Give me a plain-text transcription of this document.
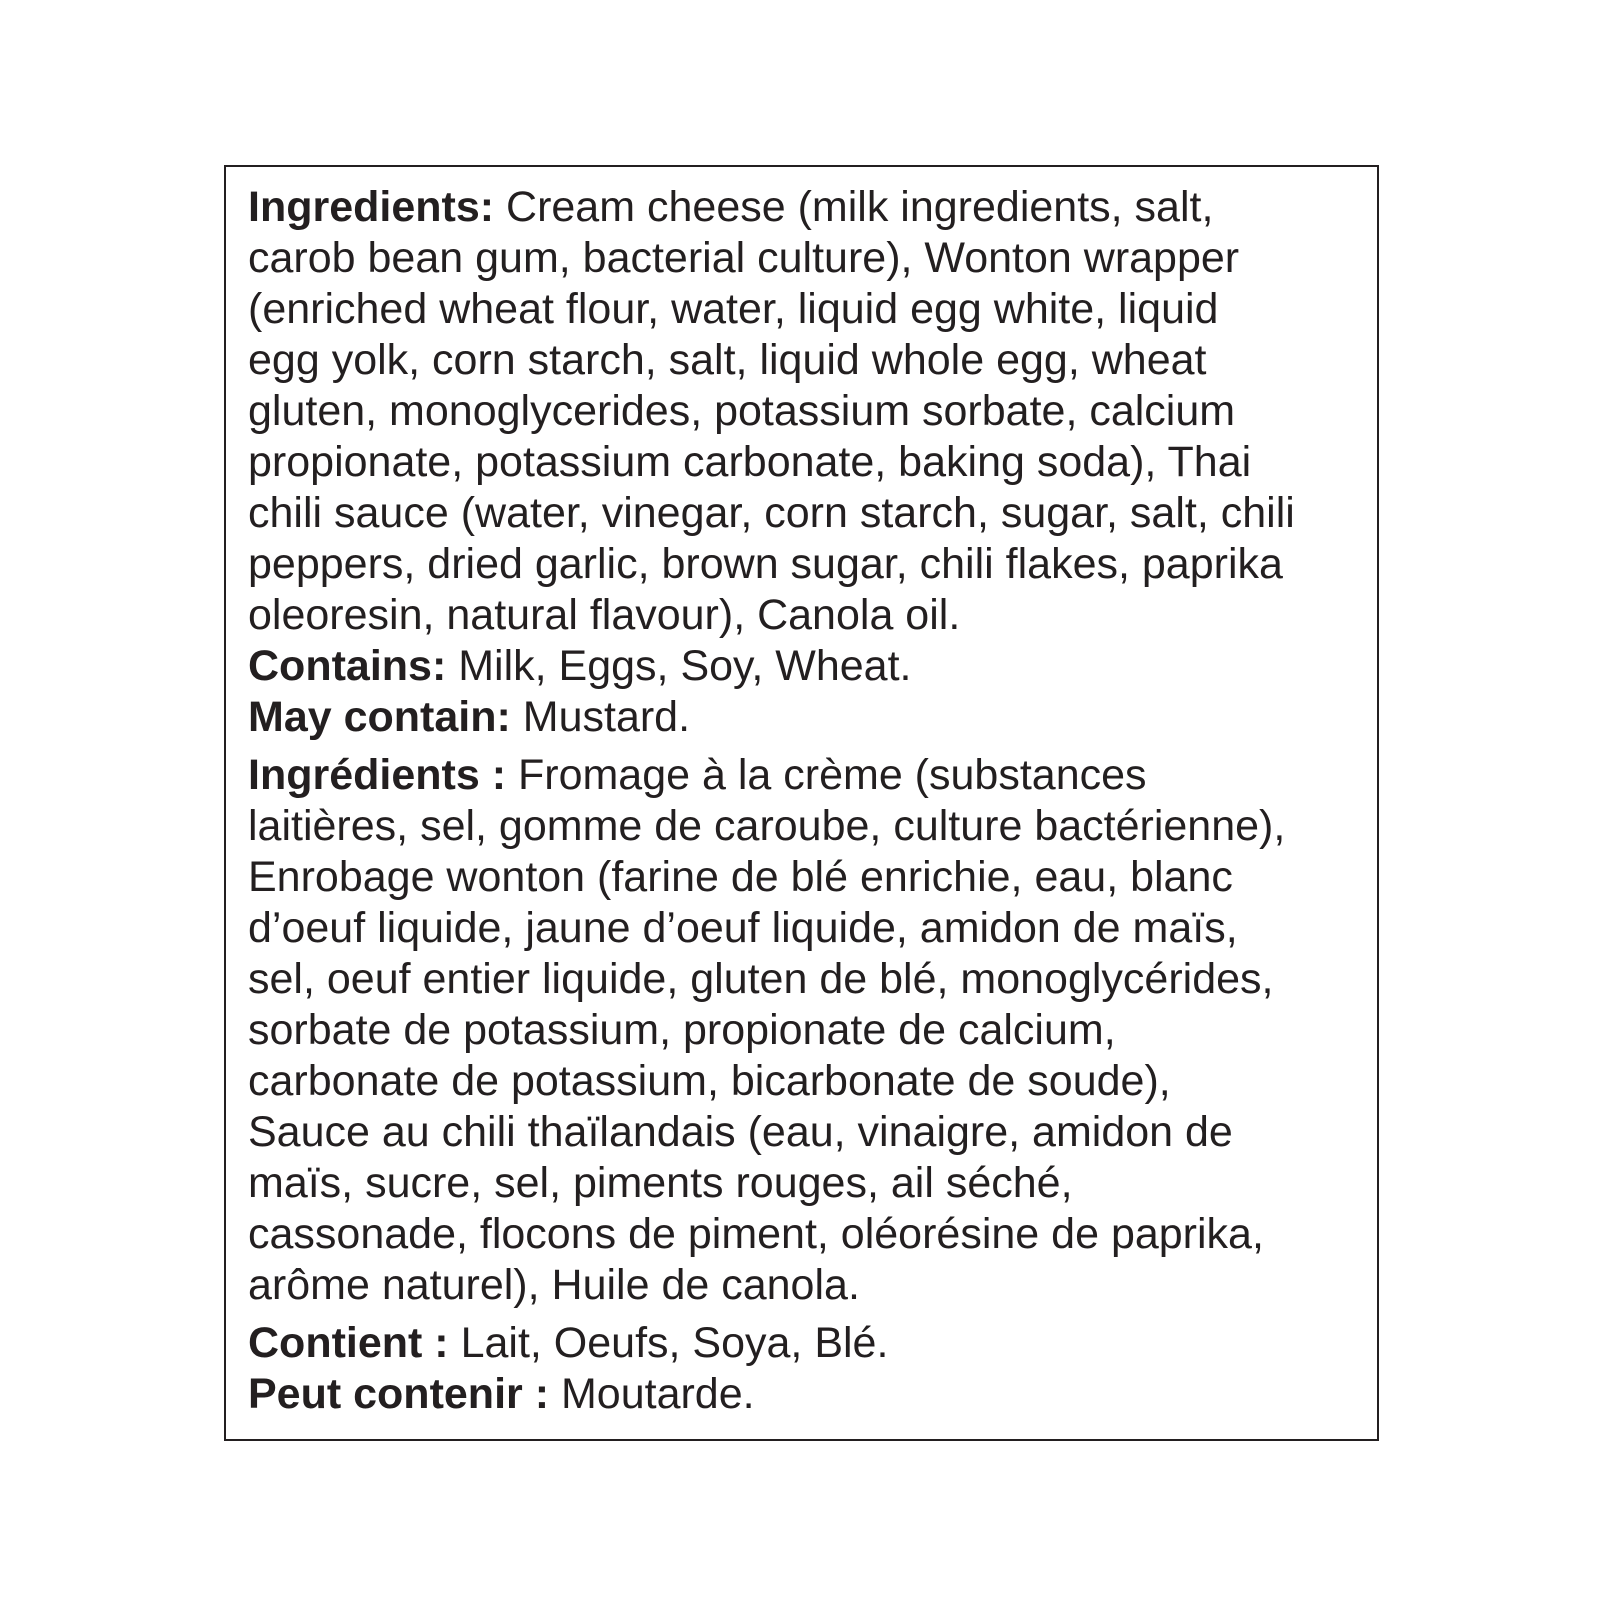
Ingredients: Cream cheese (milk ingredients, salt,
carob bean gum, bacterial culture), Wonton wrapper
(enriched wheat flour, water, liquid egg white, liquid
egg yolk, corn starch, salt, liquid whole egg, wheat
gluten, monoglycerides, potassium sorbate, calcium
propionate, potassium carbonate, baking soda), Thai
chili sauce (water, vinegar, corn starch, sugar, salt, chili
peppers, dried garlic, brown sugar, chili flakes, paprika
oleoresin, natural flavour), Canola oil.
Contains: Milk, Eggs, Soy, Wheat.
May contain: Mustard.
Ingrédients : Fromage à la crème (substances
laitières, sel, gomme de caroube, culture bactérienne),
Enrobage wonton (farine de blé enrichie, eau, blanc
d’oeuf liquide, jaune d’oeuf liquide, amidon de maïs,
sel, oeuf entier liquide, gluten de blé, monoglycérides,
sorbate de potassium, propionate de calcium,
carbonate de potassium, bicarbonate de soude),
Sauce au chili thaïlandais (eau, vinaigre, amidon de
maïs, sucre, sel, piments rouges, ail séché,
cassonade, flocons de piment, oléorésine de paprika,
arôme naturel), Huile de canola.
Contient : Lait, Oeufs, Soya, Blé.
Peut contenir : Moutarde.
